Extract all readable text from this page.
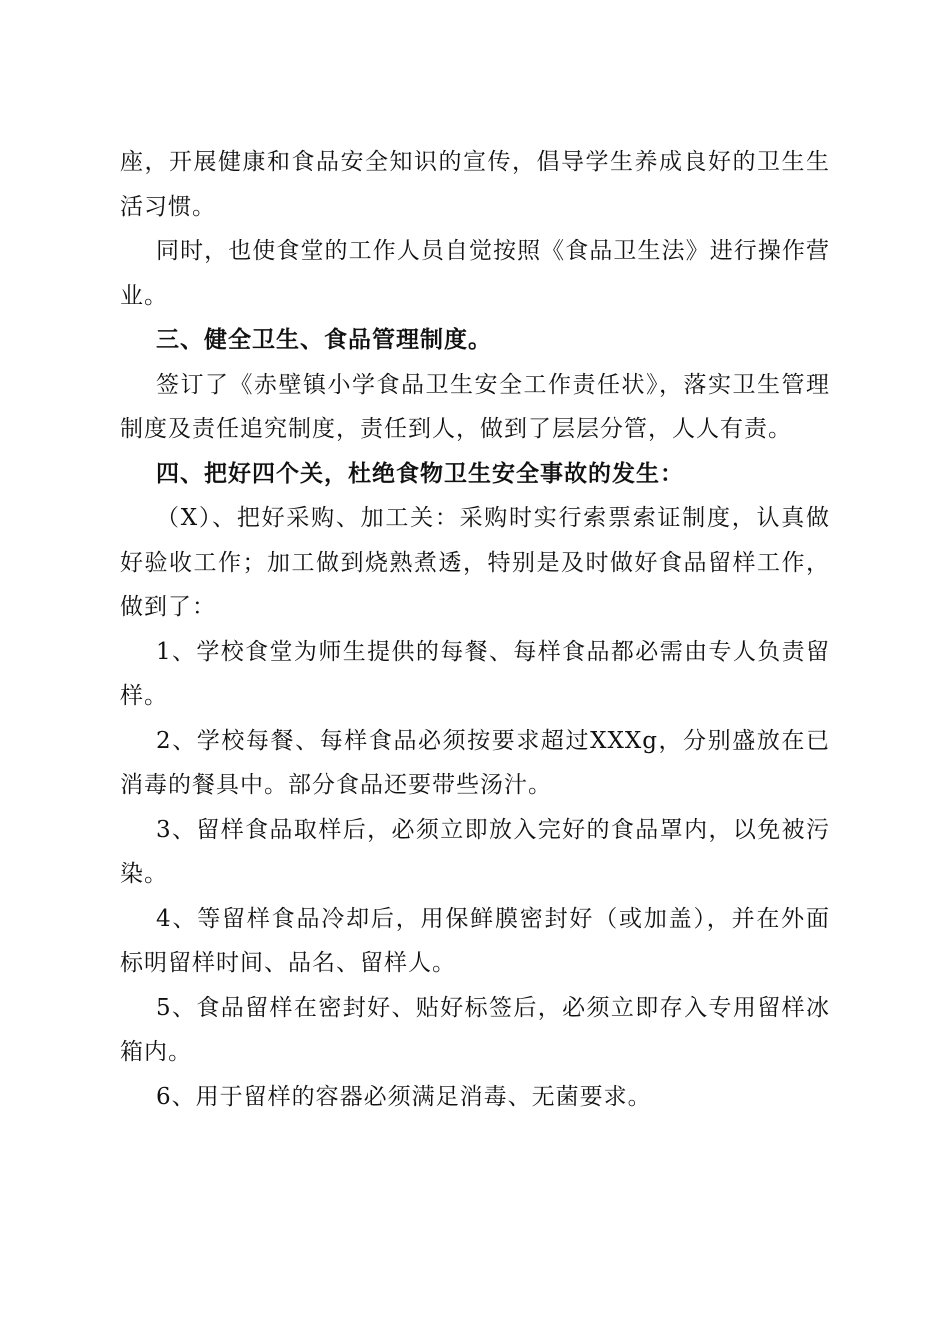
座，开展健康和食品安全知识的宣传，倡导学生养成良好的卫生生活习惯。

同时，也使食堂的工作人员自觉按照《食品卫生法》进行操作营业。

三、健全卫生、食品管理制度。

签订了《赤壁镇小学食品卫生安全工作责任状》，落实卫生管理制度及责任追究制度，责任到人，做到了层层分管，人人有责。

四、把好四个关，杜绝食物卫生安全事故的发生：

（X）、把好采购、加工关：采购时实行索票索证制度，认真做好验收工作；加工做到烧熟煮透，特别是及时做好食品留样工作，做到了：

1、学校食堂为师生提供的每餐、每样食品都必需由专人负责留样。

2、学校每餐、每样食品必须按要求超过XXXg，分别盛放在已消毒的餐具中。部分食品还要带些汤汁。

3、留样食品取样后，必须立即放入完好的食品罩内，以免被污染。

4、等留样食品冷却后，用保鲜膜密封好（或加盖），并在外面标明留样时间、品名、留样人。

5、食品留样在密封好、贴好标签后，必须立即存入专用留样冰箱内。

6、用于留样的容器必须满足消毒、无菌要求。
